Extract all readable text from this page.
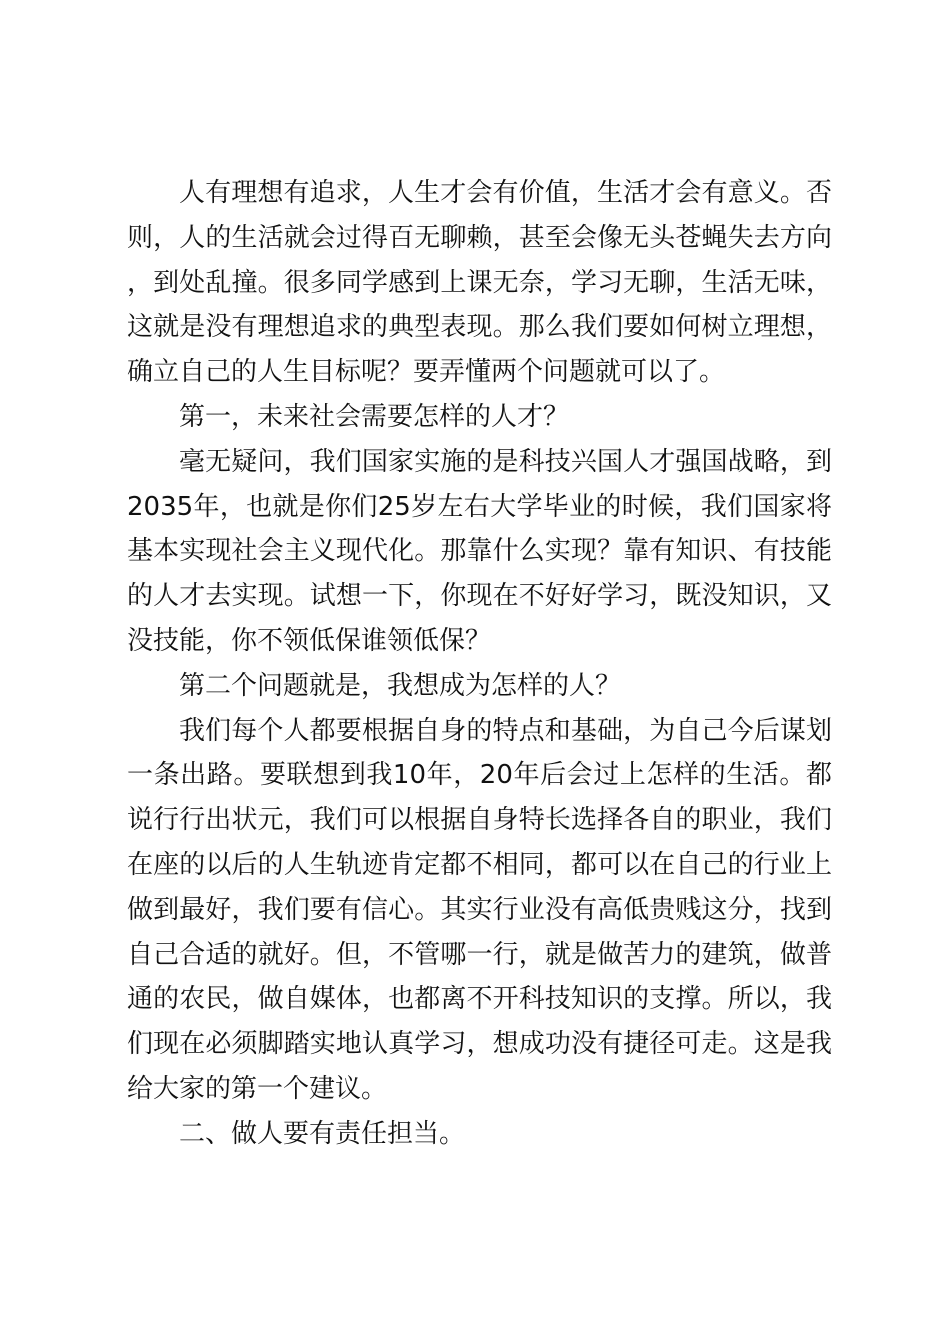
人有理想有追求，人生才会有价值，生活才会有意义。否则，人的生活就会过得百无聊赖，甚至会像无头苍蝇失去方向，到处乱撞。很多同学感到上课无奈，学习无聊，生活无味，这就是没有理想追求的典型表现。那么我们要如何树立理想，确立自己的人生目标呢？要弄懂两个问题就可以了。

第一，未来社会需要怎样的人才？

毫无疑问，我们国家实施的是科技兴国人才强国战略，到2035年，也就是你们25岁左右大学毕业的时候，我们国家将基本实现社会主义现代化。那靠什么实现？靠有知识、有技能的人才去实现。试想一下，你现在不好好学习，既没知识，又没技能，你不领低保谁领低保？

第二个问题就是，我想成为怎样的人？

我们每个人都要根据自身的特点和基础，为自己今后谋划一条出路。要联想到我10年，20年后会过上怎样的生活。都说行行出状元，我们可以根据自身特长选择各自的职业，我们在座的以后的人生轨迹肯定都不相同，都可以在自己的行业上做到最好，我们要有信心。其实行业没有高低贵贱这分，找到自己合适的就好。但，不管哪一行，就是做苦力的建筑，做普通的农民，做自媒体，也都离不开科技知识的支撑。所以，我们现在必须脚踏实地认真学习，想成功没有捷径可走。这是我给大家的第一个建议。

二、做人要有责任担当。
